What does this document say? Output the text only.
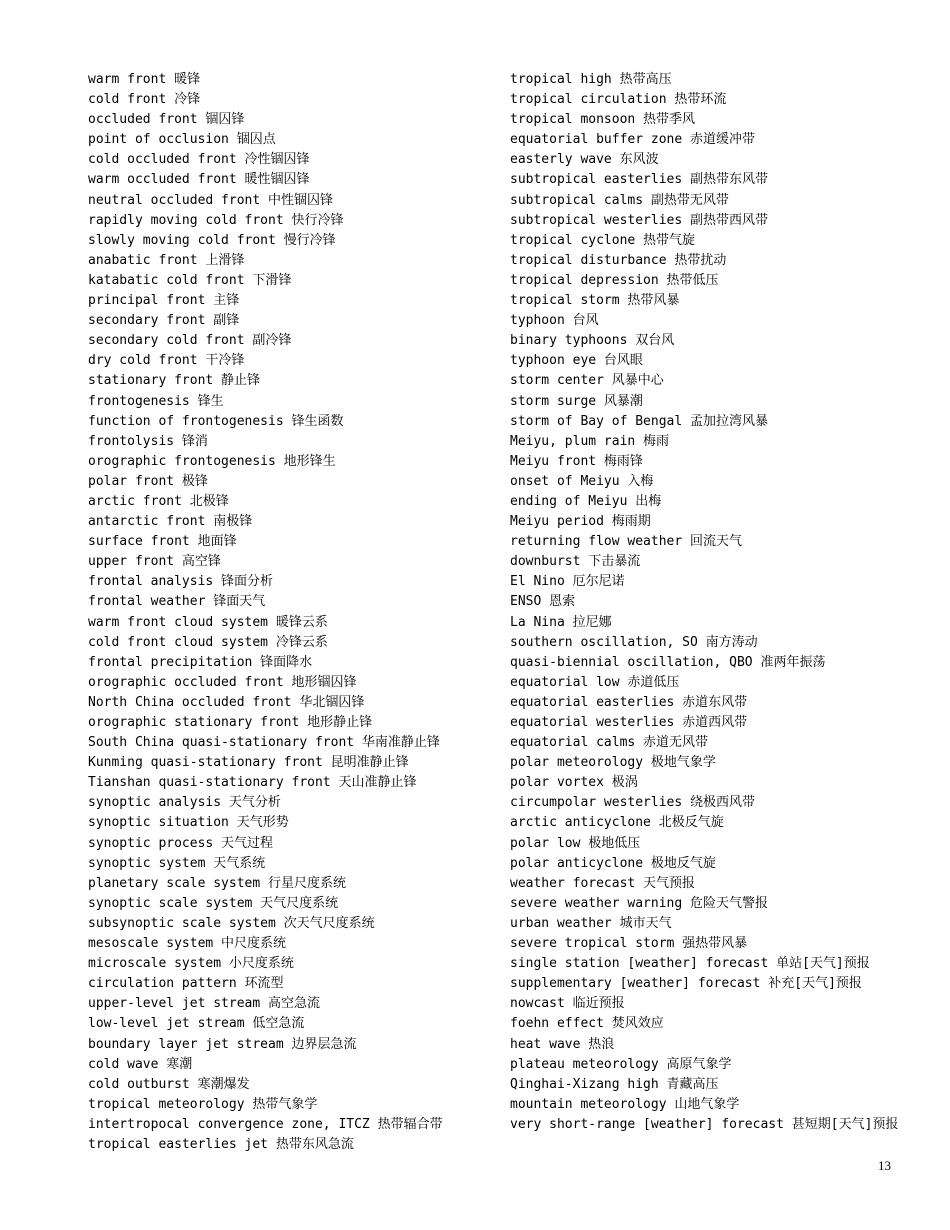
warm front 暖锋
cold front 冷锋
occluded front 锢囚锋
point of occlusion 锢囚点
cold occluded front 冷性锢囚锋
warm occluded front 暖性锢囚锋
neutral occluded front 中性锢囚锋
rapidly moving cold front 快行冷锋
slowly moving cold front 慢行冷锋
anabatic front 上滑锋
katabatic cold front 下滑锋
principal front 主锋
secondary front 副锋
secondary cold front 副冷锋
dry cold front 干冷锋
stationary front 静止锋
frontogenesis 锋生
function of frontogenesis 锋生函数
frontolysis 锋消
orographic frontogenesis 地形锋生
polar front 极锋
arctic front 北极锋
antarctic front 南极锋
surface front 地面锋
upper front 高空锋
frontal analysis 锋面分析
frontal weather 锋面天气
warm front cloud system 暖锋云系
cold front cloud system 冷锋云系
frontal precipitation 锋面降水
orographic occluded front 地形锢囚锋
North China occluded front 华北锢囚锋
orographic stationary front 地形静止锋
South China quasi-stationary front 华南准静止锋
Kunming quasi-stationary front 昆明准静止锋
Tianshan quasi-stationary front 天山准静止锋
synoptic analysis 天气分析
synoptic situation 天气形势
synoptic process 天气过程
synoptic system 天气系统
planetary scale system 行星尺度系统
synoptic scale system 天气尺度系统
subsynoptic scale system 次天气尺度系统
mesoscale system 中尺度系统
microscale system 小尺度系统
circulation pattern 环流型
upper-level jet stream 高空急流
low-level jet stream 低空急流
boundary layer jet stream 边界层急流
cold wave 寒潮
cold outburst 寒潮爆发
tropical meteorology 热带气象学
intertropocal convergence zone, ITCZ 热带辐合带
tropical easterlies jet 热带东风急流
tropical high 热带高压
tropical circulation 热带环流
tropical monsoon 热带季风
equatorial buffer zone 赤道缓冲带
easterly wave 东风波
subtropical easterlies 副热带东风带
subtropical calms 副热带无风带
subtropical westerlies 副热带西风带
tropical cyclone 热带气旋
tropical disturbance 热带扰动
tropical depression 热带低压
tropical storm 热带风暴
typhoon 台风
binary typhoons 双台风
typhoon eye 台风眼
storm center 风暴中心
storm surge 风暴潮
storm of Bay of Bengal 孟加拉湾风暴
Meiyu, plum rain 梅雨
Meiyu front 梅雨锋
onset of Meiyu 入梅
ending of Meiyu 出梅
Meiyu period 梅雨期
returning flow weather 回流天气
downburst 下击暴流
El Nino 厄尔尼诺
ENSO 恩索
La Nina 拉尼娜
southern oscillation, SO 南方涛动
quasi-biennial oscillation, QBO 准两年振荡
equatorial low 赤道低压
equatorial easterlies 赤道东风带
equatorial westerlies 赤道西风带
equatorial calms 赤道无风带
polar meteorology 极地气象学
polar vortex 极涡
circumpolar westerlies 绕极西风带
arctic anticyclone 北极反气旋
polar low 极地低压
polar anticyclone 极地反气旋
weather forecast 天气预报
severe weather warning 危险天气警报
urban weather 城市天气
severe tropical storm 强热带风暴
single station [weather] forecast 单站[天气]预报
supplementary [weather] forecast 补充[天气]预报
nowcast 临近预报
foehn effect 焚风效应
heat wave 热浪
plateau meteorology 高原气象学
Qinghai-Xizang high 青藏高压
mountain meteorology 山地气象学
very short-range [weather] forecast 甚短期[天气]预报
13
